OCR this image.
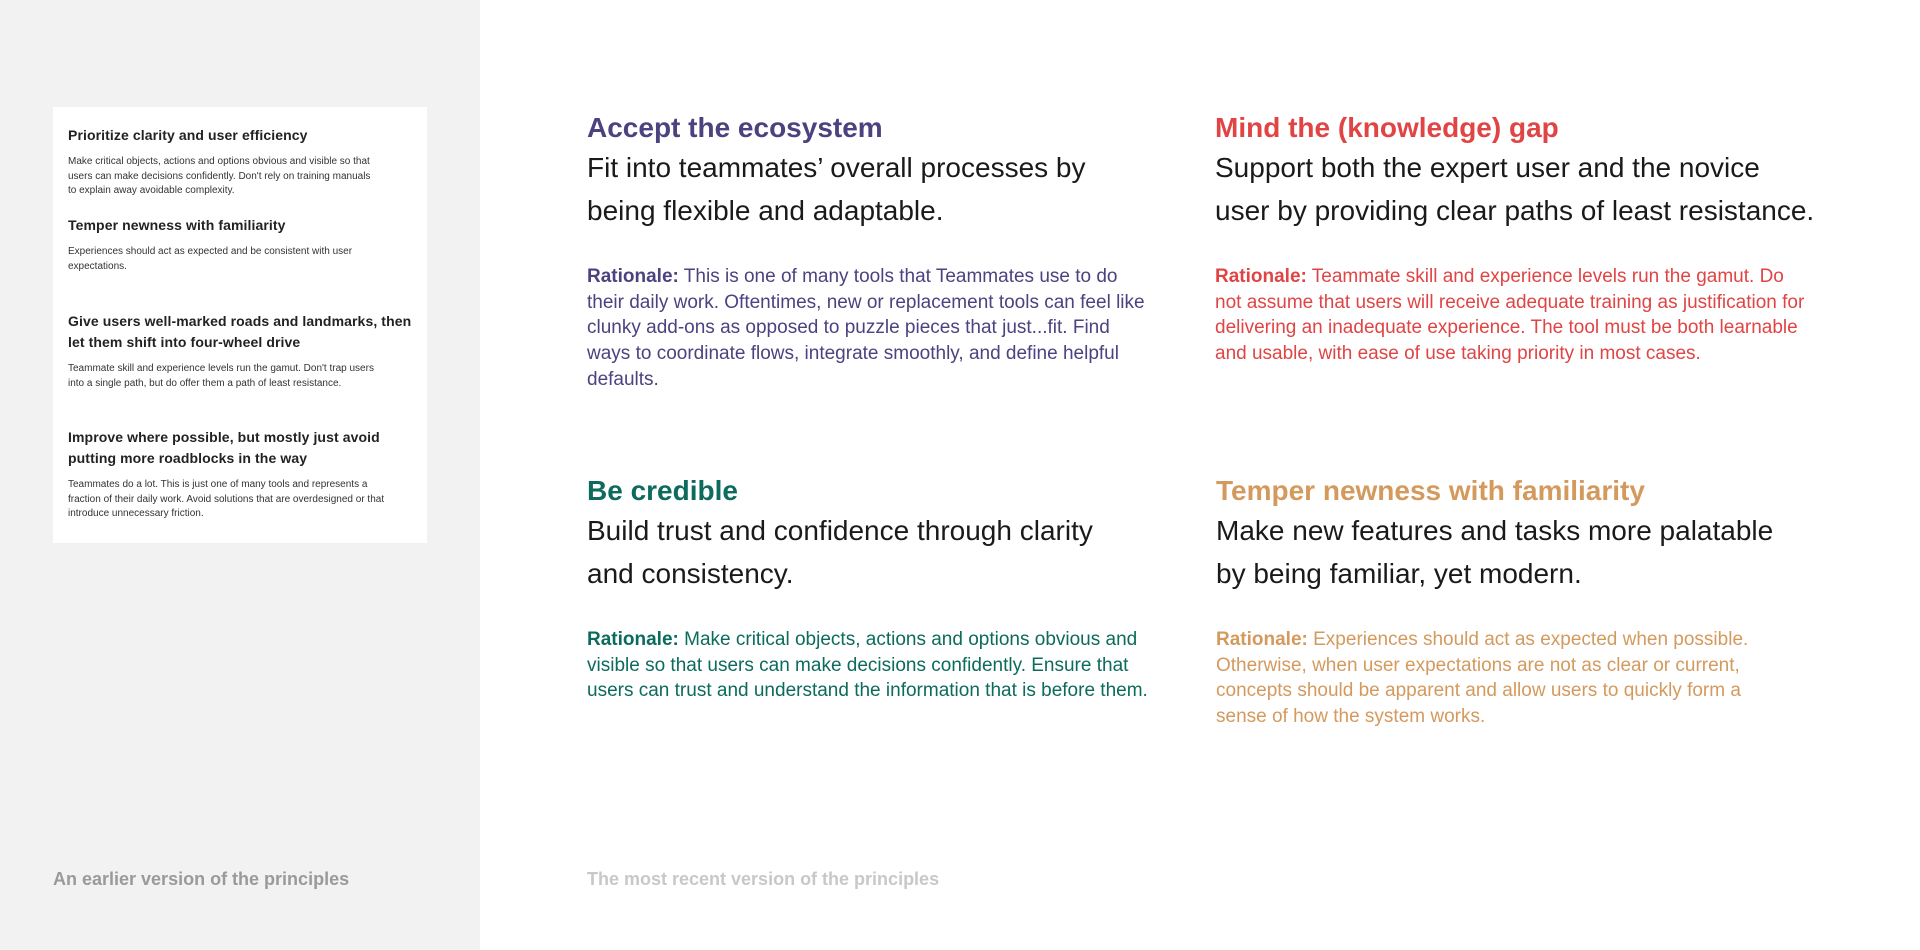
Prioritize clarity and user efficiency

Make critical objects, actions and options obvious and visible so that users can make decisions confidently. Don't rely on training manuals to explain away avoidable complexity.

Temper newness with familiarity

Experiences should act as expected and be consistent with user expectations.

Give users well-marked roads and landmarks, then let them shift into four-wheel drive

Teammate skill and experience levels run the gamut. Don't trap users into a single path, but do offer them a path of least resistance.

Improve where possible, but mostly just avoid putting more roadblocks in the way

Teammates do a lot. This is just one of many tools and represents a fraction of their daily work. Avoid solutions that are overdesigned or that introduce unnecessary friction.

An earlier version of the principles

Accept the ecosystem

Fit into teammates’ overall processes by being flexible and adaptable.

Rationale: This is one of many tools that Teammates use to do their daily work. Oftentimes, new or replacement tools can feel like clunky add-ons as opposed to puzzle pieces that just...fit. Find ways to coordinate flows, integrate smoothly, and define helpful defaults.

Mind the (knowledge) gap

Support both the expert user and the novice user by providing clear paths of least resistance.

Rationale: Teammate skill and experience levels run the gamut. Do not assume that users will receive adequate training as justification for delivering an inadequate experience. The tool must be both learnable and usable, with ease of use taking priority in most cases.

Be credible

Build trust and confidence through clarity and consistency.

Rationale: Make critical objects, actions and options obvious and visible so that users can make decisions confidently. Ensure that users can trust and understand the information that is before them.

Temper newness with familiarity

Make new features and tasks more palatable by being familiar, yet modern.

Rationale: Experiences should act as expected when possible. Otherwise, when user expectations are not as clear or current, concepts should be apparent and allow users to quickly form a sense of how the system works.

The most recent version of the principles
